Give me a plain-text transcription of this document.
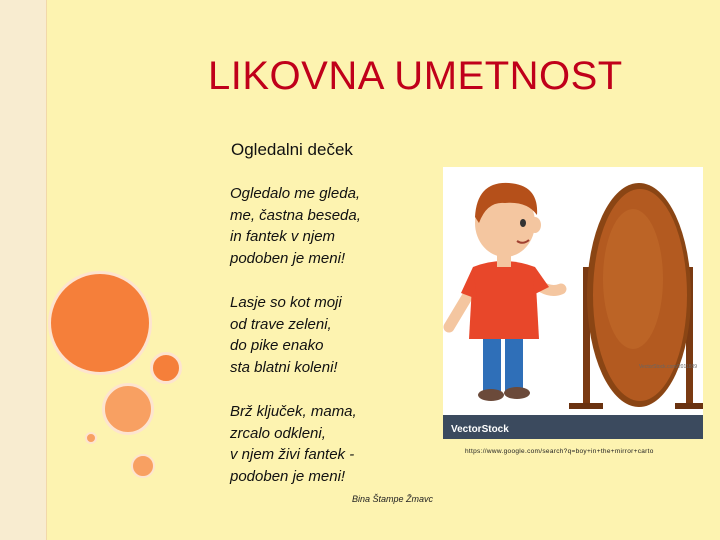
LIKOVNA UMETNOST
Ogledalni deček
Ogledalo me gleda,
me, častna beseda,
in fantek v njem
podoben je meni!
Lasje so kot moji
od trave zeleni,
do pike enako
sta blatni koleni!
Brž ključek, mama,
zrcalo odkleni,
v njem živi fantek -
podoben je meni!
Bina Štampe Žmavc
VectorStock.com/2011889
VectorStock
https://www.google.com/search?q=boy+in+the+mirror+carto
